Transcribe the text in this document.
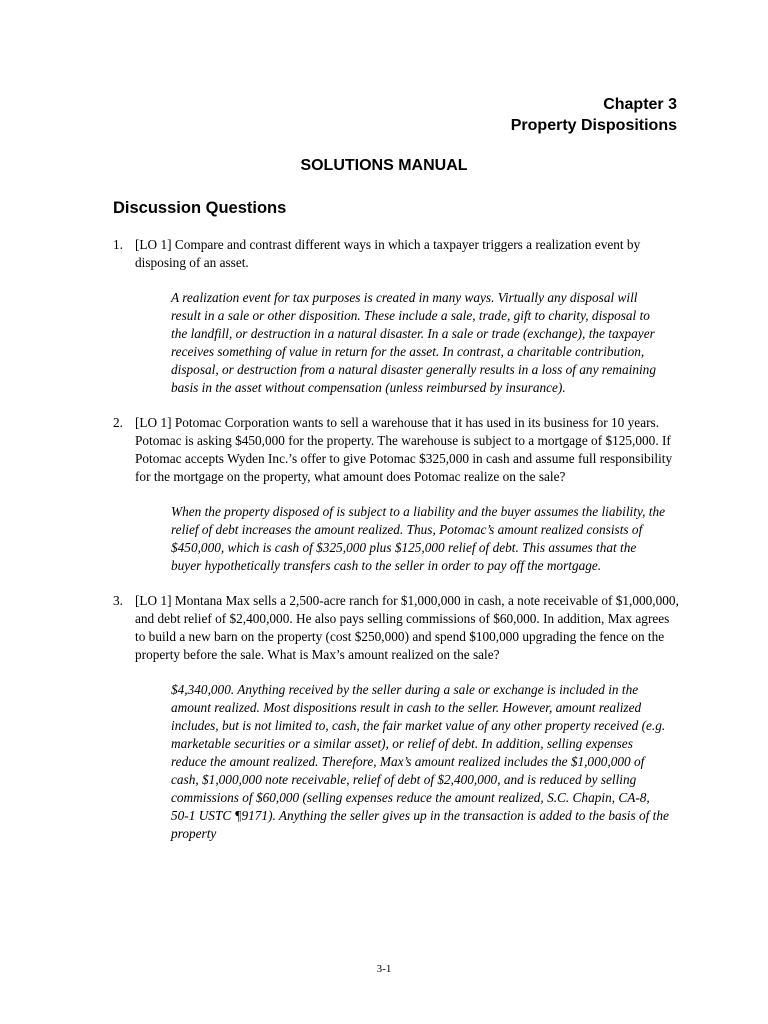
Chapter 3
Property Dispositions
SOLUTIONS MANUAL
Discussion Questions
1. [LO 1] Compare and contrast different ways in which a taxpayer triggers a realization event by disposing of an asset.
A realization event for tax purposes is created in many ways. Virtually any disposal will result in a sale or other disposition. These include a sale, trade, gift to charity, disposal to the landfill, or destruction in a natural disaster. In a sale or trade (exchange), the taxpayer receives something of value in return for the asset. In contrast, a charitable contribution, disposal, or destruction from a natural disaster generally results in a loss of any remaining basis in the asset without compensation (unless reimbursed by insurance).
2. [LO 1] Potomac Corporation wants to sell a warehouse that it has used in its business for 10 years. Potomac is asking $450,000 for the property. The warehouse is subject to a mortgage of $125,000. If Potomac accepts Wyden Inc.’s offer to give Potomac $325,000 in cash and assume full responsibility for the mortgage on the property, what amount does Potomac realize on the sale?
When the property disposed of is subject to a liability and the buyer assumes the liability, the relief of debt increases the amount realized. Thus, Potomac’s amount realized consists of $450,000, which is cash of $325,000 plus $125,000 relief of debt. This assumes that the buyer hypothetically transfers cash to the seller in order to pay off the mortgage.
3. [LO 1] Montana Max sells a 2,500-acre ranch for $1,000,000 in cash, a note receivable of $1,000,000, and debt relief of $2,400,000. He also pays selling commissions of $60,000. In addition, Max agrees to build a new barn on the property (cost $250,000) and spend $100,000 upgrading the fence on the property before the sale. What is Max’s amount realized on the sale?
$4,340,000. Anything received by the seller during a sale or exchange is included in the amount realized. Most dispositions result in cash to the seller. However, amount realized includes, but is not limited to, cash, the fair market value of any other property received (e.g. marketable securities or a similar asset), or relief of debt. In addition, selling expenses reduce the amount realized. Therefore, Max’s amount realized includes the $1,000,000 of cash, $1,000,000 note receivable, relief of debt of $2,400,000, and is reduced by selling commissions of $60,000 (selling expenses reduce the amount realized, S.C. Chapin, CA-8, 50-1 USTC ¶9171). Anything the seller gives up in the transaction is added to the basis of the property
3-1
